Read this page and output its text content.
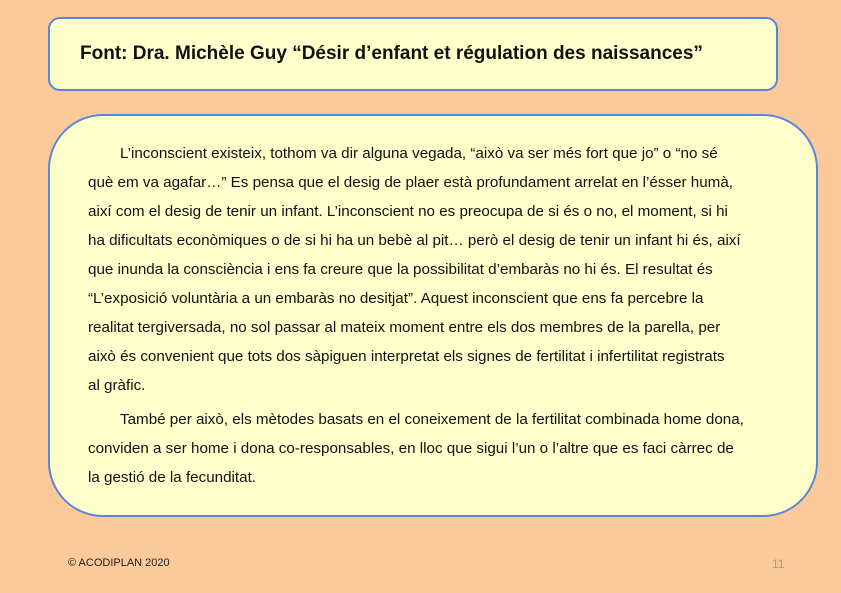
Font: Dra. Michèle Guy “Désir d’enfant et régulation des naissances”

L’inconscient existeix, tothom va dir alguna vegada, “això va ser més fort que jo” o “no sé
què em va agafar…” Es pensa que el desig de plaer està profundament arrelat en l’ésser humà,
així com el desig de tenir un infant. L’inconscient no es preocupa de si és o no, el moment, si hi
ha dificultats econòmiques o de si hi ha un bebè al pit… però el desig de tenir un infant hi és, així
que inunda la consciència i ens fa creure que la possibilitat d’embaràs no hi és. El resultat és
“L’exposició voluntària a un embaràs no desitjat”. Aquest inconscient que ens fa percebre la
realitat tergiversada, no sol passar al mateix moment entre els dos membres de la parella, per
això és convenient que tots dos sàpiguen interpretat els signes de fertilitat i infertilitat registrats
al gràfic.

També per això, els mètodes basats en el coneixement de la fertilitat combinada home dona,
conviden a ser home i dona co-responsables, en lloc que sigui l’un o l’altre que es faci càrrec de
la gestió de la fecunditat.

© ACODIPLAN 2020	11
